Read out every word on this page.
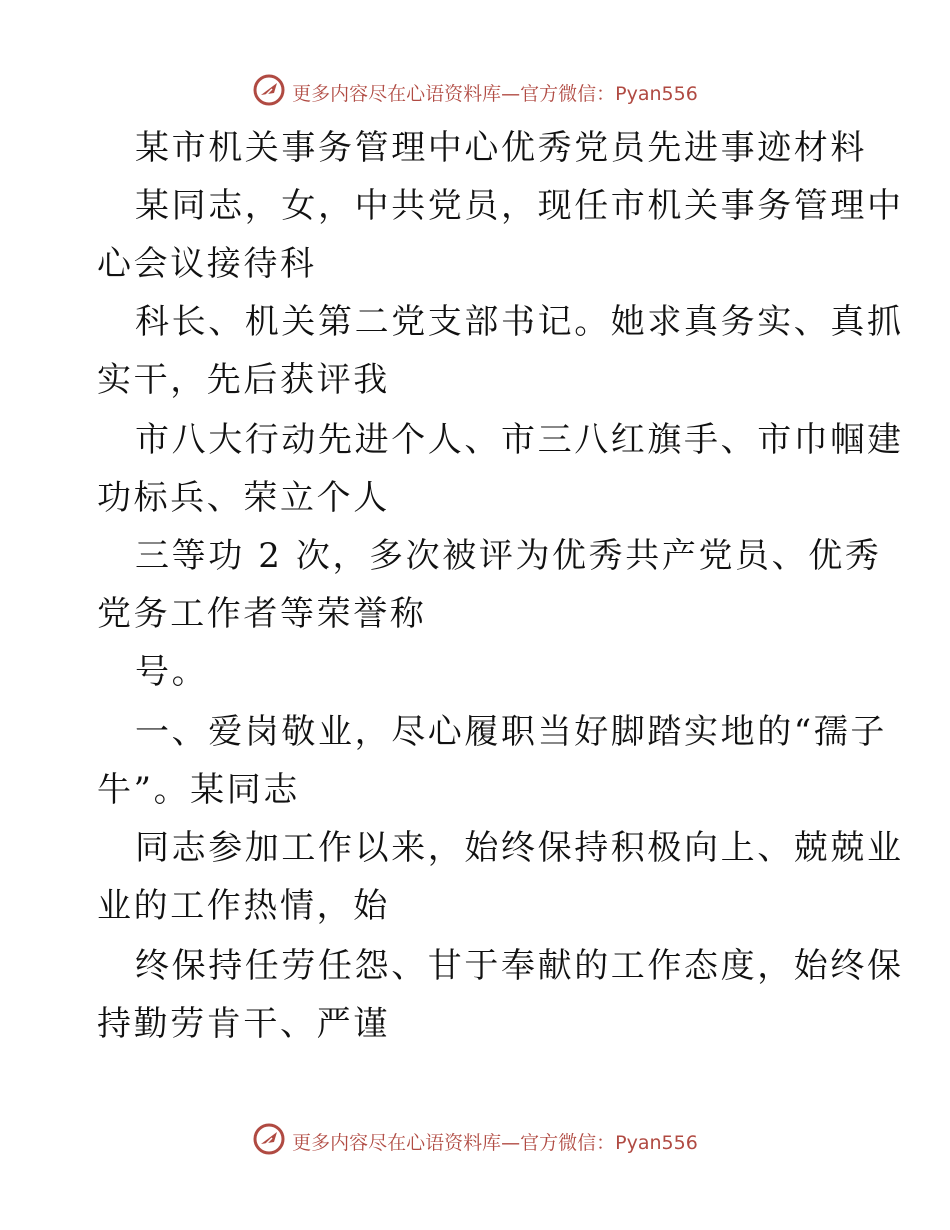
更多内容尽在心语资料库—官方微信：Pyan556
某市机关事务管理中心优秀党员先进事迹材料
某同志，女，中共党员，现任市机关事务管理中
心会议接待科
科长、机关第二党支部书记。她求真务实、真抓
实干，先后获评我
市八大行动先进个人、市三八红旗手、市巾帼建
功标兵、荣立个人
三等功 2 次，多次被评为优秀共产党员、优秀
党务工作者等荣誉称
号。
一、爱岗敬业，尽心履职当好脚踏实地的“孺子
牛”。某同志
同志参加工作以来，始终保持积极向上、兢兢业
业的工作热情，始
终保持任劳任怨、甘于奉献的工作态度，始终保
持勤劳肯干、严谨
更多内容尽在心语资料库—官方微信：Pyan556
